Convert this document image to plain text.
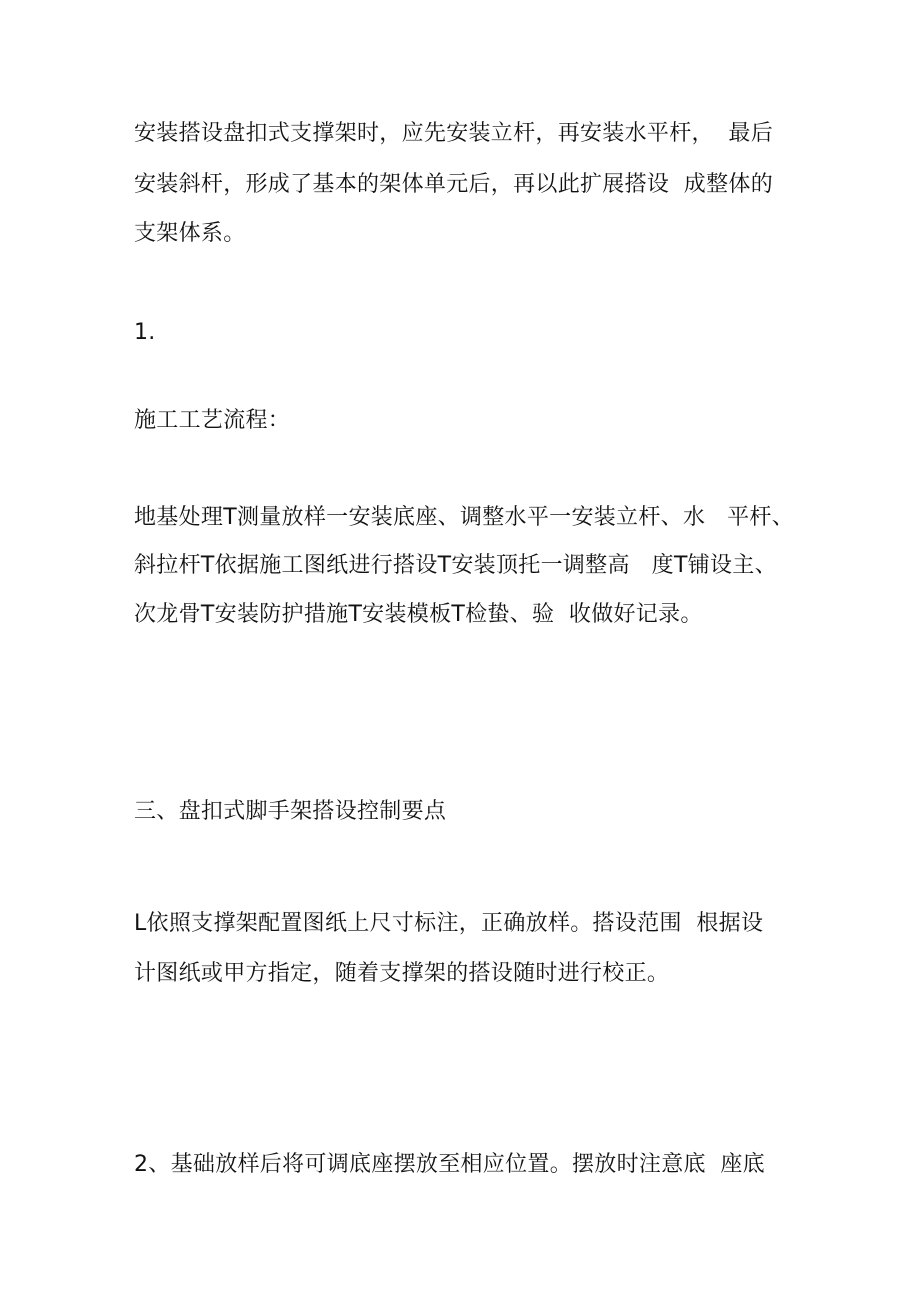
安装搭设盘扣式支撑架时，应先安装立杆，再安装水平杆，  最后
安装斜杆，形成了基本的架体单元后，再以此扩展搭设  成整体的
支架体系。
1.
施工工艺流程：
地基处理T测量放样一安装底座、调整水平一安装立杆、水   平杆、
斜拉杆T依据施工图纸进行搭设T安装顶托一调整高   度T铺设主、
次龙骨T安装防护措施T安装模板T检蛰、验  收做好记录。
三、盘扣式脚手架搭设控制要点
L依照支撑架配置图纸上尺寸标注，正确放样。搭设范围  根据设
计图纸或甲方指定，随着支撑架的搭设随时进行校正。
2、基础放样后将可调底座摆放至相应位置。摆放时注意底  座底
